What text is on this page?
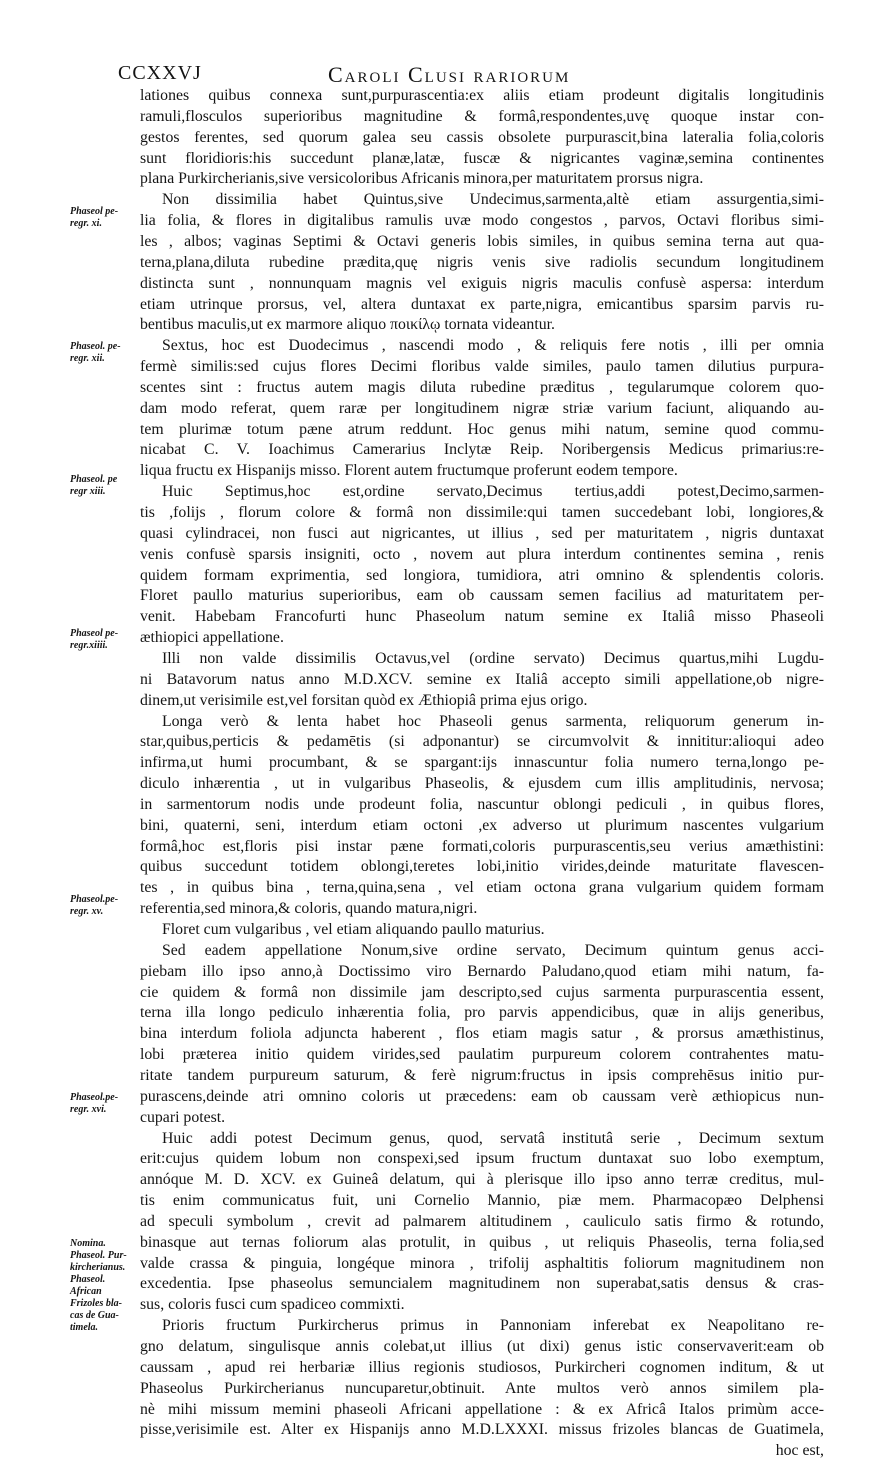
CCXXVJ	Caroli Clusi rariorum
Phaseol pe-
regr. xi.
Phaseol. pe-
regr. xii.
Phaseol. pe
regr xiii.
Phaseol pe-
regr.xiiii.
Phaseol.pe-
regr. xv.
Phaseol.pe-
regr. xvi.
Nomina.
Phaseol. Pur-
kircherianus.
Phaseol.
African
Frizoles bla-
cas de Gua-
timela.
lationes quibus connexa sunt,purpurascentia:ex aliis etiam prodeunt digitalis longitudinis
ramuli,flosculos superioribus magnitudine & formâ,respondentes,uvę quoque instar con-
gestos ferentes, sed quorum galea seu cassis obsolete purpurascit,bina lateralia folia,coloris
sunt floridioris:his succedunt planæ,latæ, fuscæ & nigricantes vaginæ,semina continentes
plana Purkircherianis,sive versicoloribus Africanis minora,per maturitatem prorsus nigra.
Non dissimilia habet Quintus,sive Undecimus,sarmenta,altè etiam assurgentia,simi-
lia folia, & flores in digitalibus ramulis uvæ modo congestos , parvos, Octavi floribus simi-
les , albos; vaginas Septimi & Octavi generis lobis similes, in quibus semina terna aut qua-
terna,plana,diluta rubedine prædita,quę nigris venis sive radiolis secundum longitudinem
distincta sunt , nonnunquam magnis vel exiguis nigris maculis confusè aspersa: interdum
etiam utrinque prorsus, vel, altera duntaxat ex parte,nigra, emicantibus sparsim parvis ru-
bentibus maculis,ut ex marmore aliquo ποικίλῳ tornata videantur.
Sextus, hoc est Duodecimus , nascendi modo , & reliquis fere notis , illi per omnia
fermè similis:sed cujus flores Decimi floribus valde similes, paulo tamen dilutius purpura-
scentes sint : fructus autem magis diluta rubedine præditus , tegularumque colorem quo-
dam modo referat, quem raræ per longitudinem nigræ striæ varium faciunt, aliquando au-
tem plurimæ totum pæne atrum reddunt. Hoc genus mihi natum, semine quod commu-
nicabat C. V. Ioachimus Camerarius Inclytæ Reip. Noribergensis Medicus primarius:re-
liqua fructu ex Hispanijs misso. Florent autem fructumque proferunt eodem tempore.
Huic Septimus,hoc est,ordine servato,Decimus tertius,addi potest,Decimo,sarmen-
tis ,folijs , florum colore & formâ non dissimile:qui tamen succedebant lobi, longiores,&
quasi cylindracei, non fusci aut nigricantes, ut illius , sed per maturitatem , nigris duntaxat
venis confusè sparsis insigniti, octo , novem aut plura interdum continentes semina , renis
quidem formam exprimentia, sed longiora, tumidiora, atri omnino & splendentis coloris.
Floret paullo maturius superioribus, eam ob caussam semen facilius ad maturitatem per-
venit. Habebam Francofurti hunc Phaseolum natum semine ex Italiâ misso Phaseoli
æthiopici appellatione.
Illi non valde dissimilis Octavus,vel (ordine servato) Decimus quartus,mihi Lugdu-
ni Batavorum natus anno M.D.XCV. semine ex Italiâ accepto simili appellatione,ob nigre-
dinem,ut verisimile est,vel forsitan quòd ex Æthiopiâ prima ejus origo.
Longa verò & lenta habet hoc Phaseoli genus sarmenta, reliquorum generum in-
star,quibus,perticis & pedamētis (si adponantur) se circumvolvit & innititur:alioqui adeo
infirma,ut humi procumbant, & se spargant:ijs innascuntur folia numero terna,longo pe-
diculo inhærentia , ut in vulgaribus Phaseolis, & ejusdem cum illis amplitudinis, nervosa;
in sarmentorum nodis unde prodeunt folia, nascuntur oblongi pediculi , in quibus flores,
bini, quaterni, seni, interdum etiam octoni ,ex adverso ut plurimum nascentes vulgarium
formâ,hoc est,floris pisi instar pæne formati,coloris purpurascentis,seu verius amæthistini:
quibus succedunt totidem oblongi,teretes lobi,initio virides,deinde maturitate flavescen-
tes , in quibus bina , terna,quina,sena , vel etiam octona grana vulgarium quidem formam
referentia,sed minora,& coloris, quando matura,nigri.
Floret cum vulgaribus , vel etiam aliquando paullo maturius.
Sed eadem appellatione Nonum,sive ordine servato, Decimum quintum genus acci-
piebam illo ipso anno,à Doctissimo viro Bernardo Paludano,quod etiam mihi natum, fa-
cie quidem & formâ non dissimile jam descripto,sed cujus sarmenta purpurascentia essent,
terna illa longo pediculo inhærentia folia, pro parvis appendicibus, quæ in alijs generibus,
bina interdum foliola adjuncta haberent , flos etiam magis satur , & prorsus amæthistinus,
lobi præterea initio quidem virides,sed paulatim purpureum colorem contrahentes matu-
ritate tandem purpureum saturum, & ferè nigrum:fructus in ipsis comprehēsus initio pur-
purascens,deinde atri omnino coloris ut præcedens: eam ob caussam verè æthiopicus nun-
cupari potest.
Huic addi potest Decimum genus, quod, servatâ institutâ serie , Decimum sextum
erit:cujus quidem lobum non conspexi,sed ipsum fructum duntaxat suo lobo exemptum,
annóque M. D. XCV. ex Guineâ delatum, qui à plerisque illo ipso anno terræ creditus, mul-
tis enim communicatus fuit, uni Cornelio Mannio, piæ mem. Pharmacopæo Delphensi
ad speculi symbolum , crevit ad palmarem altitudinem , cauliculo satis firmo & rotundo,
binasque aut ternas foliorum alas protulit, in quibus , ut reliquis Phaseolis, terna folia,sed
valde crassa & pinguia, longéque minora , trifolij asphaltitis foliorum magnitudinem non
excedentia. Ipse phaseolus semuncialem magnitudinem non superabat,satis densus & cras-
sus, coloris fusci cum spadiceo commixti.
Prioris fructum Purkircherus primus in Pannoniam inferebat ex Neapolitano re-
gno delatum, singulisque annis colebat,ut illius (ut dixi) genus istic conservaverit:eam ob
caussam , apud rei herbariæ illius regionis studiosos, Purkircheri cognomen inditum, & ut
Phaseolus Purkircherianus nuncuparetur,obtinuit. Ante multos verò annos similem pla-
nè mihi missum memini phaseoli Africani appellatione : & ex Africâ Italos primùm acce-
pisse,verisimile est. Alter ex Hispanijs anno M.D.LXXXI. missus frizoles blancas de Guatimela,
hoc est,
